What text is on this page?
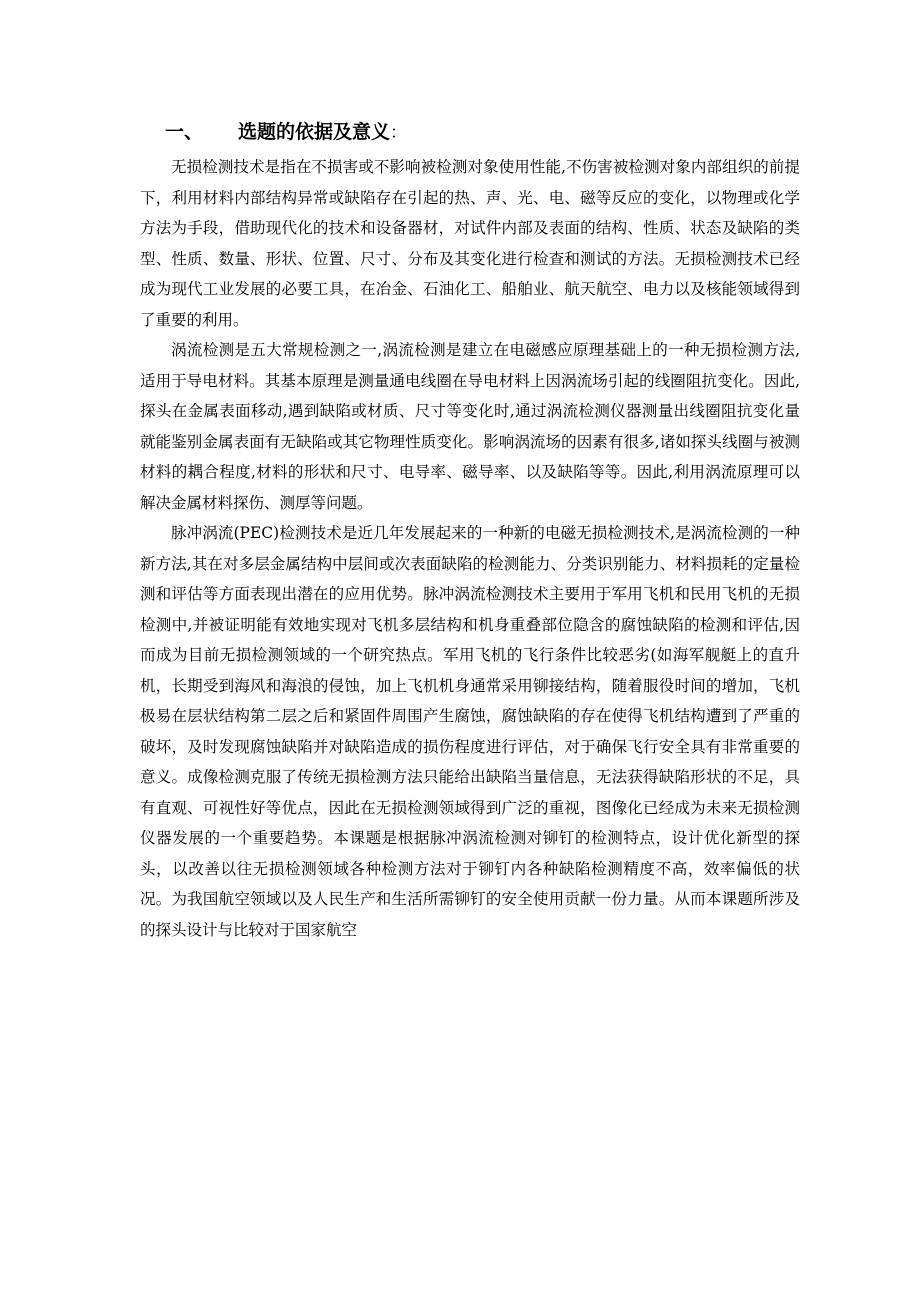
一、 选题的依据及意义：

无损检测技术是指在不损害或不影响被检测对象使用性能,不伤害被检测对象内部组织的前提下，利用材料内部结构异常或缺陷存在引起的热、声、光、电、磁等反应的变化，以物理或化学方法为手段，借助现代化的技术和设备器材，对试件内部及表面的结构、性质、状态及缺陷的类型、性质、数量、形状、位置、尺寸、分布及其变化进行检查和测试的方法。无损检测技术已经成为现代工业发展的必要工具，在冶金、石油化工、船舶业、航天航空、电力以及核能领域得到了重要的利用。

涡流检测是五大常规检测之一,涡流检测是建立在电磁感应原理基础上的一种无损检测方法,适用于导电材料。其基本原理是测量通电线圈在导电材料上因涡流场引起的线圈阻抗变化。因此,探头在金属表面移动,遇到缺陷或材质、尺寸等变化时,通过涡流检测仪器测量出线圈阻抗变化量就能鉴别金属表面有无缺陷或其它物理性质变化。影响涡流场的因素有很多,诸如探头线圈与被测材料的耦合程度,材料的形状和尺寸、电导率、磁导率、以及缺陷等等。因此,利用涡流原理可以解决金属材料探伤、测厚等问题。

脉冲涡流(PEC)检测技术是近几年发展起来的一种新的电磁无损检测技术,是涡流检测的一种新方法,其在对多层金属结构中层间或次表面缺陷的检测能力、分类识别能力、材料损耗的定量检测和评估等方面表现出潜在的应用优势。脉冲涡流检测技术主要用于军用飞机和民用飞机的无损检测中,并被证明能有效地实现对飞机多层结构和机身重叠部位隐含的腐蚀缺陷的检测和评估,因而成为目前无损检测领域的一个研究热点。军用飞机的飞行条件比较恶劣(如海军舰艇上的直升机，长期受到海风和海浪的侵蚀，加上飞机机身通常采用铆接结构，随着服役时间的增加，飞机极易在层状结构第二层之后和紧固件周围产生腐蚀，腐蚀缺陷的存在使得飞机结构遭到了严重的破坏，及时发现腐蚀缺陷并对缺陷造成的损伤程度进行评估，对于确保飞行安全具有非常重要的意义。成像检测克服了传统无损检测方法只能给出缺陷当量信息，无法获得缺陷形状的不足，具有直观、可视性好等优点，因此在无损检测领域得到广泛的重视，图像化已经成为未来无损检测仪器发展的一个重要趋势。本课题是根据脉冲涡流检测对铆钉的检测特点，设计优化新型的探头，以改善以往无损检测领域各种检测方法对于铆钉内各种缺陷检测精度不高，效率偏低的状况。为我国航空领域以及人民生产和生活所需铆钉的安全使用贡献一份力量。从而本课题所涉及的探头设计与比较对于国家航空
